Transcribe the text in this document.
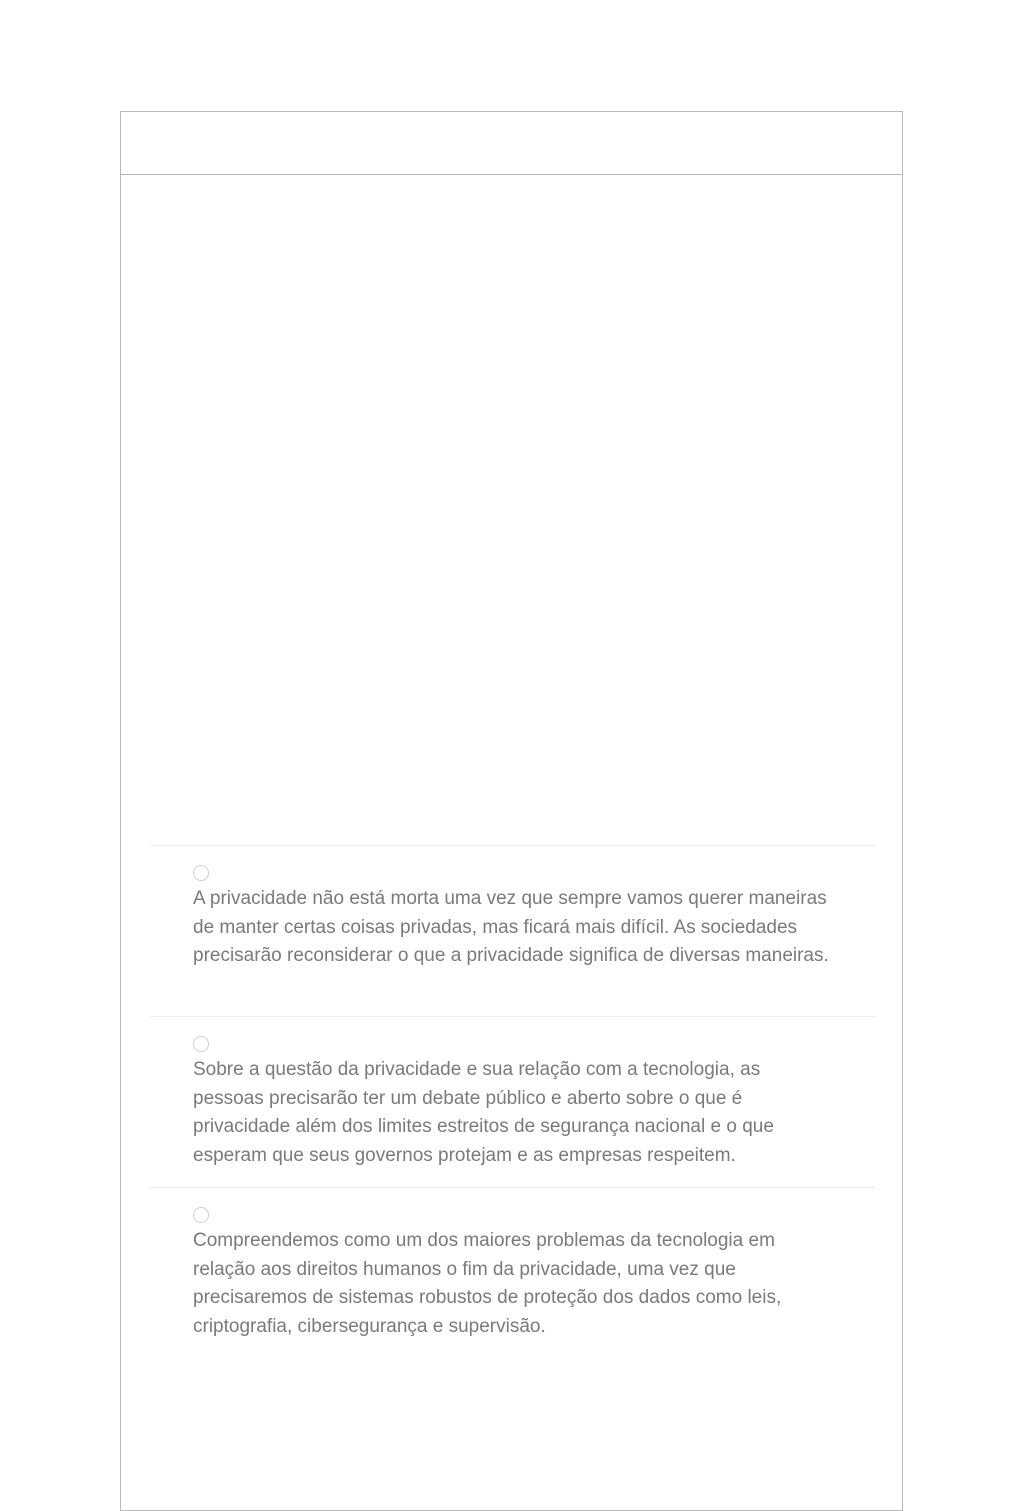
A privacidade não está morta uma vez que sempre vamos querer maneiras de manter certas coisas privadas, mas ficará mais difícil. As sociedades precisarão reconsiderar o que a privacidade significa de diversas maneiras.
Sobre a questão da privacidade e sua relação com a tecnologia, as pessoas precisarão ter um debate público e aberto sobre o que é privacidade além dos limites estreitos de segurança nacional e o que esperam que seus governos protejam e as empresas respeitem.
Compreendemos como um dos maiores problemas da tecnologia em relação aos direitos humanos o fim da privacidade, uma vez que precisaremos de sistemas robustos de proteção dos dados como leis, criptografia, cibersegurança e supervisão.
